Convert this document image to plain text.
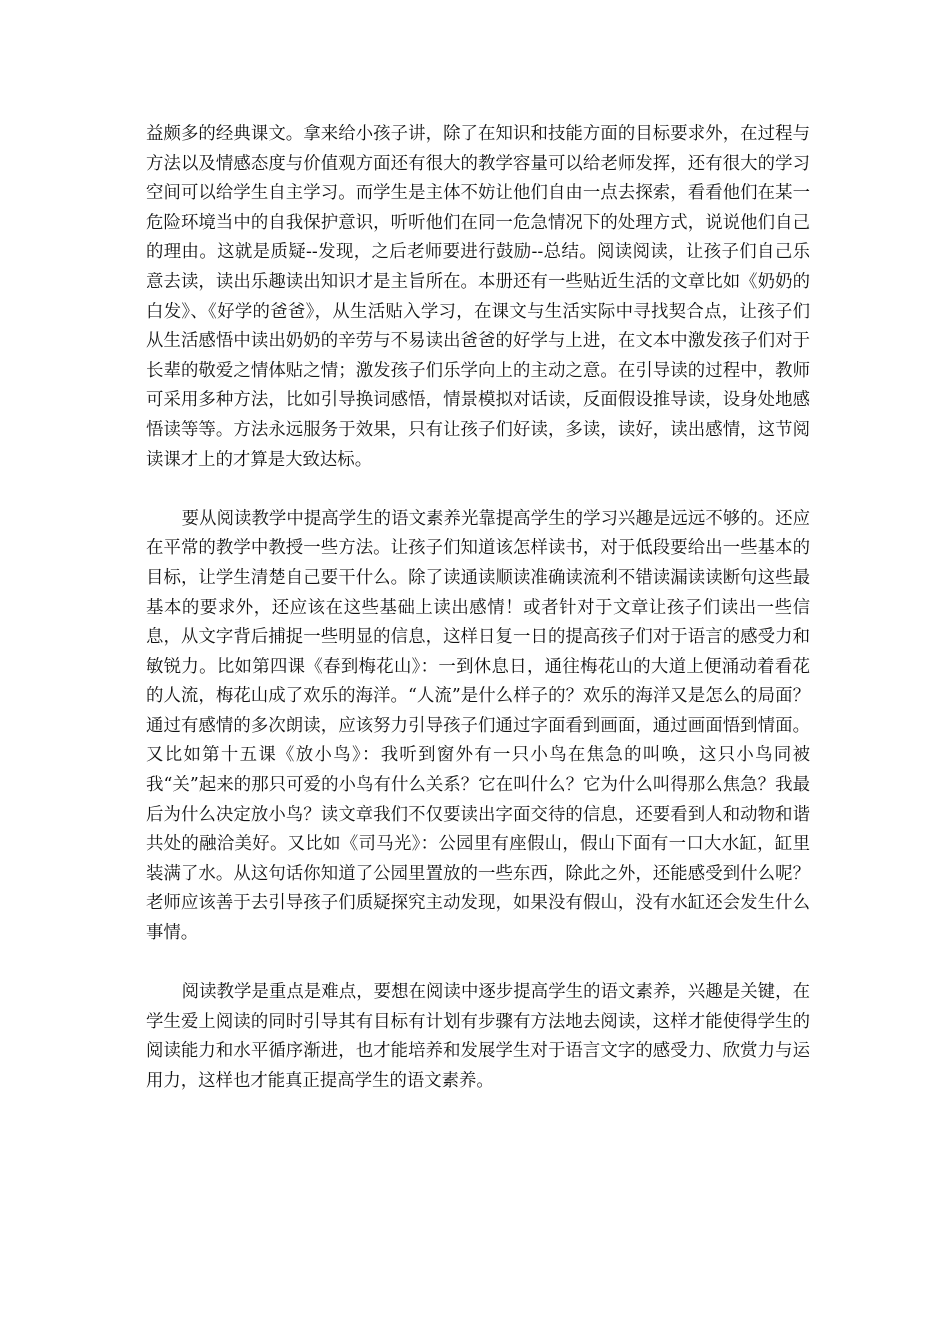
益颇多的经典课文。拿来给小孩子讲，除了在知识和技能方面的目标要求外，在过程与方法以及情感态度与价值观方面还有很大的教学容量可以给老师发挥，还有很大的学习空间可以给学生自主学习。而学生是主体不妨让他们自由一点去探索，看看他们在某一危险环境当中的自我保护意识，听听他们在同一危急情况下的处理方式，说说他们自己的理由。这就是质疑--发现，之后老师要进行鼓励--总结。阅读阅读，让孩子们自己乐意去读，读出乐趣读出知识才是主旨所在。本册还有一些贴近生活的文章比如《奶奶的白发》、《好学的爸爸》，从生活贴入学习，在课文与生活实际中寻找契合点，让孩子们从生活感悟中读出奶奶的辛劳与不易读出爸爸的好学与上进，在文本中激发孩子们对于长辈的敬爱之情体贴之情；激发孩子们乐学向上的主动之意。在引导读的过程中，教师可采用多种方法，比如引导换词感悟，情景模拟对话读，反面假设推导读，设身处地感悟读等等。方法永远服务于效果，只有让孩子们好读，多读，读好，读出感情，这节阅读课才上的才算是大致达标。

要从阅读教学中提高学生的语文素养光靠提高学生的学习兴趣是远远不够的。还应在平常的教学中教授一些方法。让孩子们知道该怎样读书，对于低段要给出一些基本的目标，让学生清楚自己要干什么。除了读通读顺读准确读流利不错读漏读读断句这些最基本的要求外，还应该在这些基础上读出感情！或者针对于文章让孩子们读出一些信息，从文字背后捕捉一些明显的信息，这样日复一日的提高孩子们对于语言的感受力和敏锐力。比如第四课《春到梅花山》：一到休息日，通往梅花山的大道上便涌动着看花的人流，梅花山成了欢乐的海洋。“人流”是什么样子的？欢乐的海洋又是怎么的局面？通过有感情的多次朗读，应该努力引导孩子们通过字面看到画面，通过画面悟到情面。又比如第十五课《放小鸟》：我听到窗外有一只小鸟在焦急的叫唤，这只小鸟同被我“关”起来的那只可爱的小鸟有什么关系？它在叫什么？它为什么叫得那么焦急？我最后为什么决定放小鸟？读文章我们不仅要读出字面交待的信息，还要看到人和动物和谐共处的融洽美好。又比如《司马光》：公园里有座假山，假山下面有一口大水缸，缸里装满了水。从这句话你知道了公园里置放的一些东西，除此之外，还能感受到什么呢？老师应该善于去引导孩子们质疑探究主动发现，如果没有假山，没有水缸还会发生什么事情。

阅读教学是重点是难点，要想在阅读中逐步提高学生的语文素养，兴趣是关键，在学生爱上阅读的同时引导其有目标有计划有步骤有方法地去阅读，这样才能使得学生的阅读能力和水平循序渐进，也才能培养和发展学生对于语言文字的感受力、欣赏力与运用力，这样也才能真正提高学生的语文素养。
